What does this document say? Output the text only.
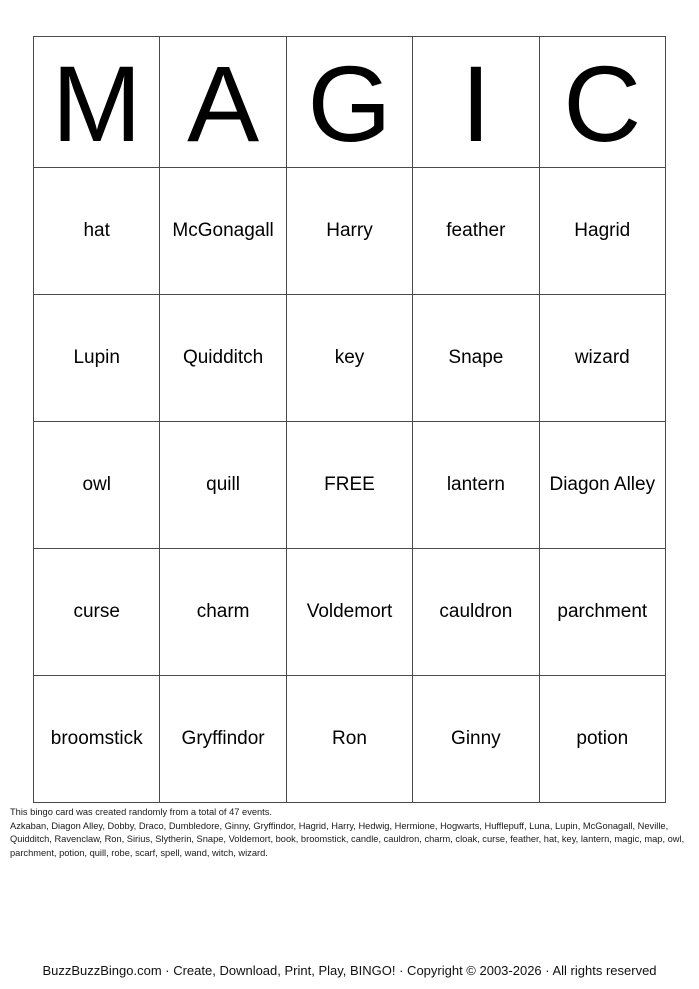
M	A	G	I	C
hat	McGonagall	Harry	feather	Hagrid
Lupin	Quidditch	key	Snape	wizard
owl	quill	FREE	lantern	Diagon Alley
curse	charm	Voldemort	cauldron	parchment
broomstick	Gryffindor	Ron	Ginny	potion

This bingo card was created randomly from a total of 47 events.

Azkaban, Diagon Alley, Dobby, Draco, Dumbledore, Ginny, Gryffindor, Hagrid, Harry, Hedwig, Hermione, Hogwarts, Hufflepuff, Luna, Lupin, McGonagall, Neville, Quidditch, Ravenclaw, Ron, Sirius, Slytherin, Snape, Voldemort, book, broomstick, candle, cauldron, charm, cloak, curse, feather, hat, key, lantern, magic, map, owl, parchment, potion, quill, robe, scarf, spell, wand, witch, wizard.

BuzzBuzzBingo.com · Create, Download, Print, Play, BINGO! · Copyright © 2003-2026 · All rights reserved
